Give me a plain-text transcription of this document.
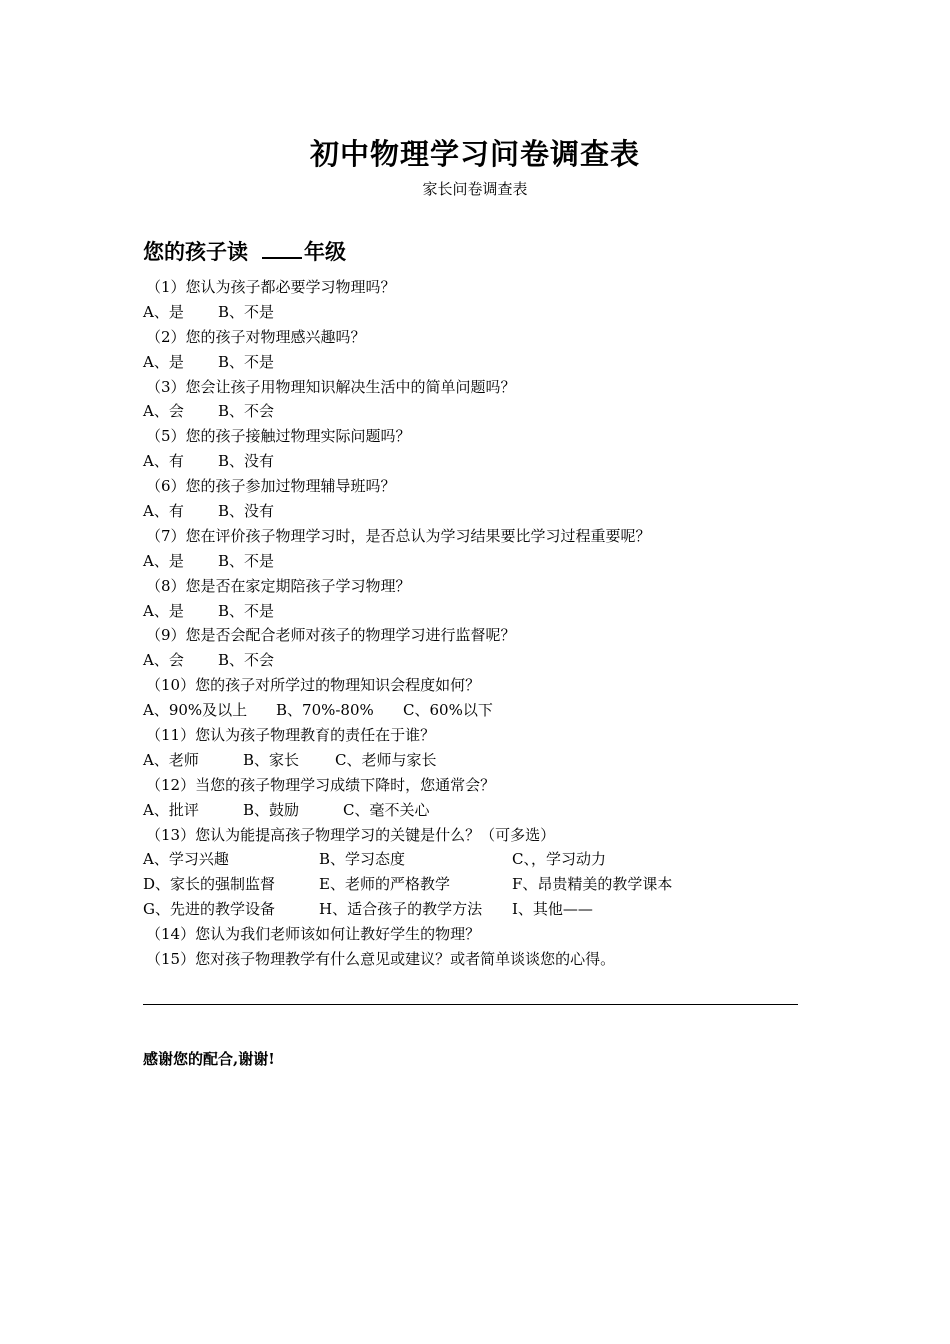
初中物理学习问卷调查表
家长问卷调查表
您的孩子读	年级
（1）您认为孩子都必要学习物理吗？
A、是 B、不是
（2）您的孩子对物理感兴趣吗？
A、是 B、不是
（3）您会让孩子用物理知识解决生活中的简单问题吗？
A、会 B、不会
（5）您的孩子接触过物理实际问题吗？
A、有 B、没有
（6）您的孩子参加过物理辅导班吗？
A、有 B、没有
（7）您在评价孩子物理学习时，是否总认为学习结果要比学习过程重要呢？
A、是 B、不是
（8）您是否在家定期陪孩子学习物理？
A、是 B、不是
（9）您是否会配合老师对孩子的物理学习进行监督呢？
A、会 B、不会
（10）您的孩子对所学过的物理知识会程度如何？
A、90%及以上 B、70%-80% C、60%以下
（11）您认为孩子物理教育的责任在于谁？
A、老师	B、家长 C、老师与家长
（12）当您的孩子物理学习成绩下降时，您通常会？
A、批评	B、鼓励	C、毫不关心
（13）您认为能提高孩子物理学习的关键是什么？（可多选）
A、学习兴趣	B、学习态度	C、，学习动力
D、家长的强制监督	E、老师的严格教学	F、昂贵精美的教学课本
G、先进的教学设备	H、适合孩子的教学方法 I、其他——
（14）您认为我们老师该如何让教好学生的物理？
（15）您对孩子物理教学有什么意见或建议？或者简单谈谈您的心得。
感谢您的配合,谢谢!
